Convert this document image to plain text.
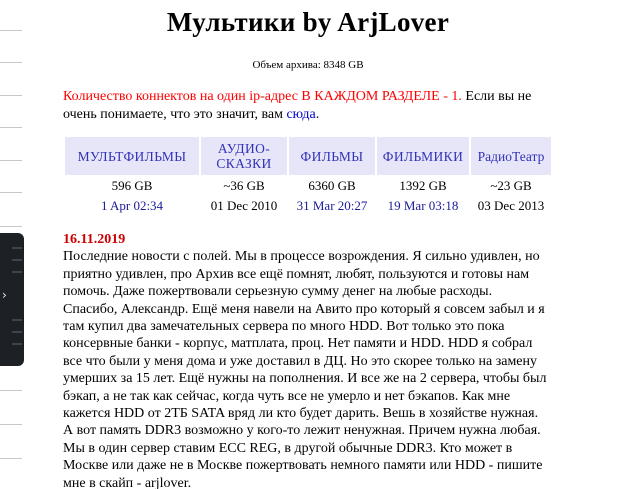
›
Мультики by ArjLover
Объем архива: 8348 GB

Количество коннектов на один ip-адрес В КАЖДОМ РАЗДЕЛЕ - 1. Если вы не очень понимаете, что это значит, вам сюда.

МУЛЬТФИЛЬМЫ	АУДИО-СКАЗКИ	ФИЛЬМЫ	ФИЛЬМИКИ	РадиоТеатр
596 GB	~36 GB	6360 GB	1392 GB	~23 GB
1 Apr 02:34	01 Dec 2010	31 Mar 20:27	19 Mar 03:18	03 Dec 2013
16.11.2019
Последние новости с полей. Мы в процессе возрождения. Я сильно удивлен, но приятно удивлен, про Архив все ещё помнят, любят, пользуются и готовы нам помочь. Даже пожертвовали серьезную сумму денег на любые расходы. Спасибо, Александр. Ещё меня навели на Авито про который я совсем забыл и я там купил два замечательных сервера по много HDD. Вот только это пока консервные банки - корпус, матплата, проц. Нет памяти и HDD. HDD я собрал все что были у меня дома и уже доставил в ДЦ. Но это скорее только на замену умерших за 15 лет. Ещё нужны на пополнения. И все же на 2 сервера, чтобы был бэкап, а не так как сейчас, когда чуть все не умерло и нет бэкапов. Как мне кажется HDD от 2ТБ SATA вряд ли кто будет дарить. Вешь в хозяйстве нужная. А вот память DDR3 возможно у кого-то лежит ненужная. Причем нужна любая. Мы в один сервер ставим ECC REG, в другой обычные DDR3. Кто может в Москве или даже не в Москве пожертвовать немного памяти или HDD - пишите мне в скайп - arjlover.
